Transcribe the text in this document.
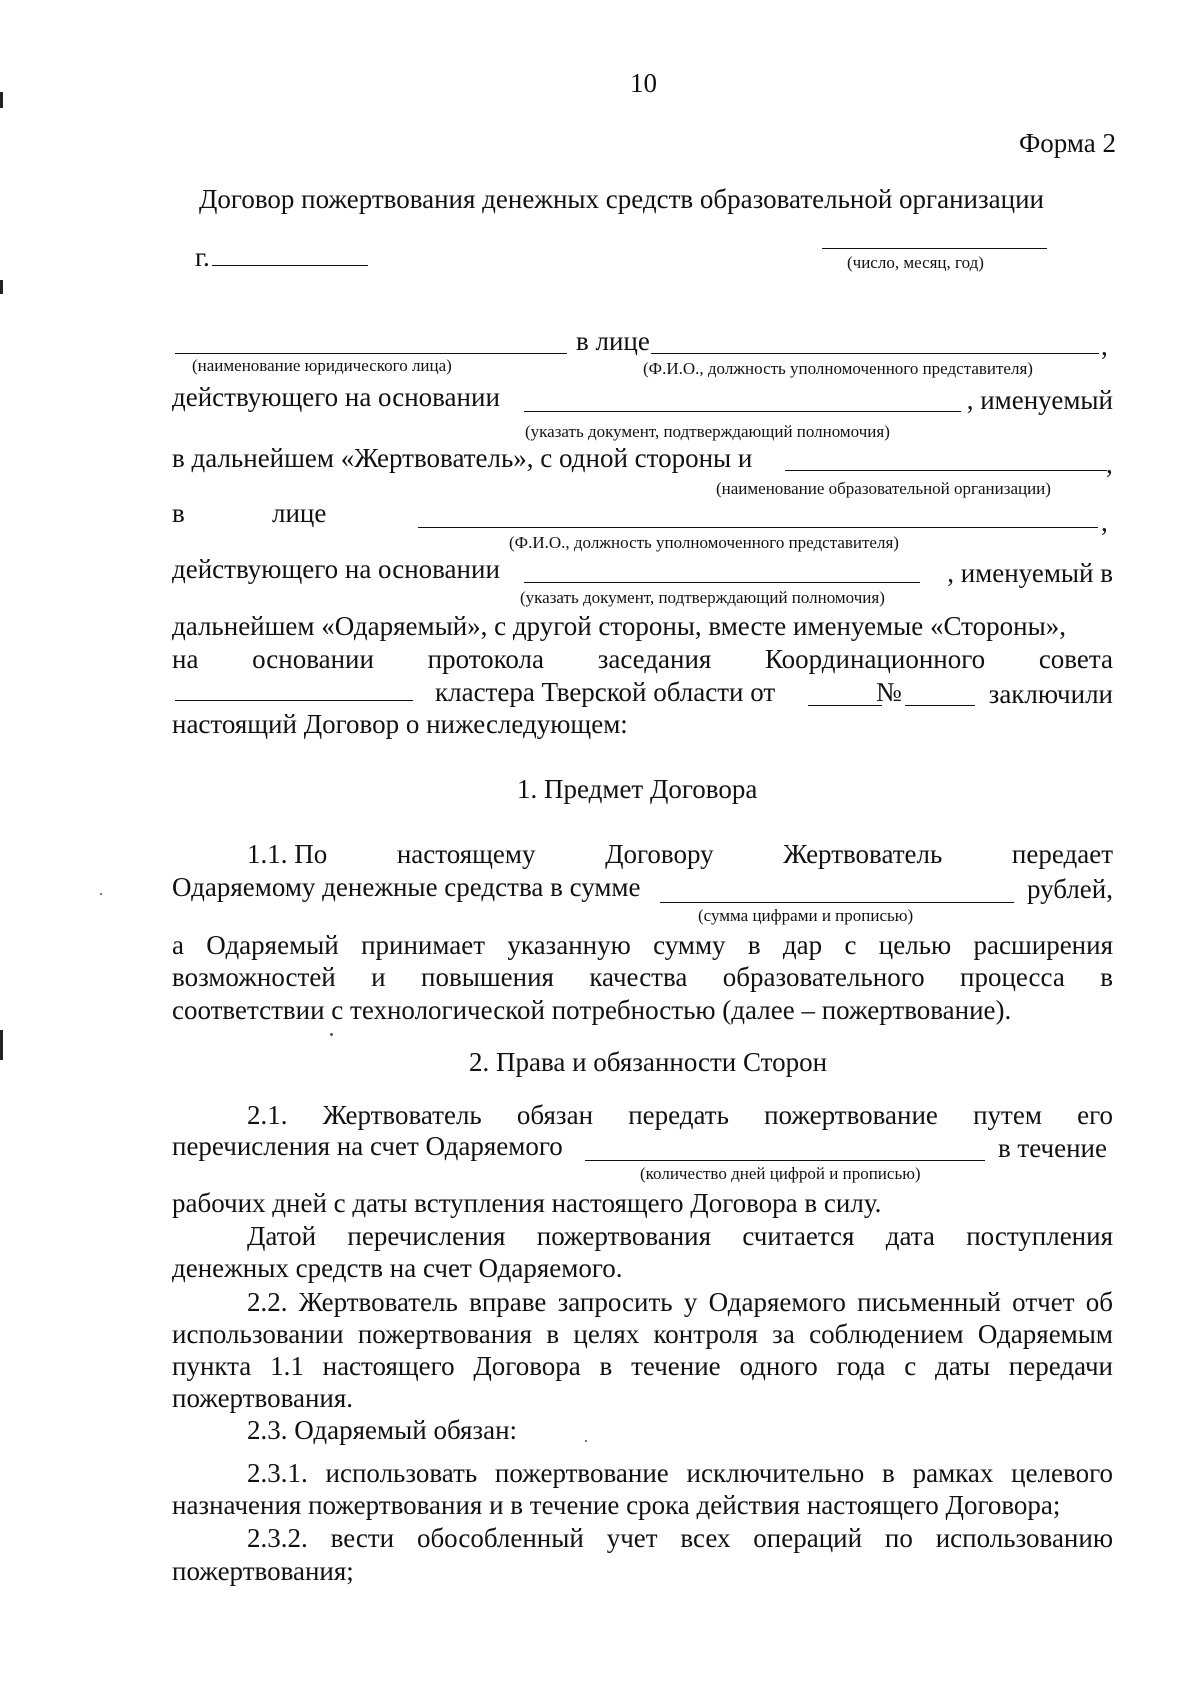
10
Форма 2
Договор пожертвования денежных средств образовательной организации
г.	(число, месяц, год)
в лице	,
(наименование юридического лица)	(Ф.И.О., должность уполномоченного представителя)
действующего на основании	, именуемый
(указать документ, подтверждающий полномочия)
в дальнейшем «Жертвователь», с одной стороны и	,
(наименование образовательной организации)
в	лице	,
(Ф.И.О., должность уполномоченного представителя)
действующего на основании	, именуемый в
(указать документ, подтверждающий полномочия)
дальнейшем «Одаряемый», с другой стороны, вместе именуемые «Стороны»,
на основании протокола заседания Координационного совета
кластера Тверской области от	№	заключили
настоящий Договор о нижеследующем:
1. Предмет Договора
1.1. По	настоящему	Договору	Жертвователь	передает
Одаряемому денежные средства в сумме	рублей,
(сумма цифрами и прописью)
а Одаряемый принимает указанную сумму в дар с целью расширения
возможностей и повышения качества образовательного процесса в
соответствии с технологической потребностью (далее – пожертвование).
2. Права и обязанности Сторон
2.1. Жертвователь обязан передать пожертвование путем его
перечисления на счет Одаряемого	в течение
(количество дней цифрой и прописью)
рабочих дней с даты вступления настоящего Договора в силу.
Датой перечисления пожертвования считается дата поступления
денежных средств на счет Одаряемого.
2.2. Жертвователь вправе запросить у Одаряемого письменный отчет об
использовании пожертвования в целях контроля за соблюдением Одаряемым
пункта 1.1 настоящего Договора в течение одного года с даты передачи
пожертвования.
2.3. Одаряемый обязан:
2.3.1. использовать пожертвование исключительно в рамках целевого
назначения пожертвования и в течение срока действия настоящего Договора;
2.3.2. вести обособленный учет всех операций по использованию
пожертвования;
